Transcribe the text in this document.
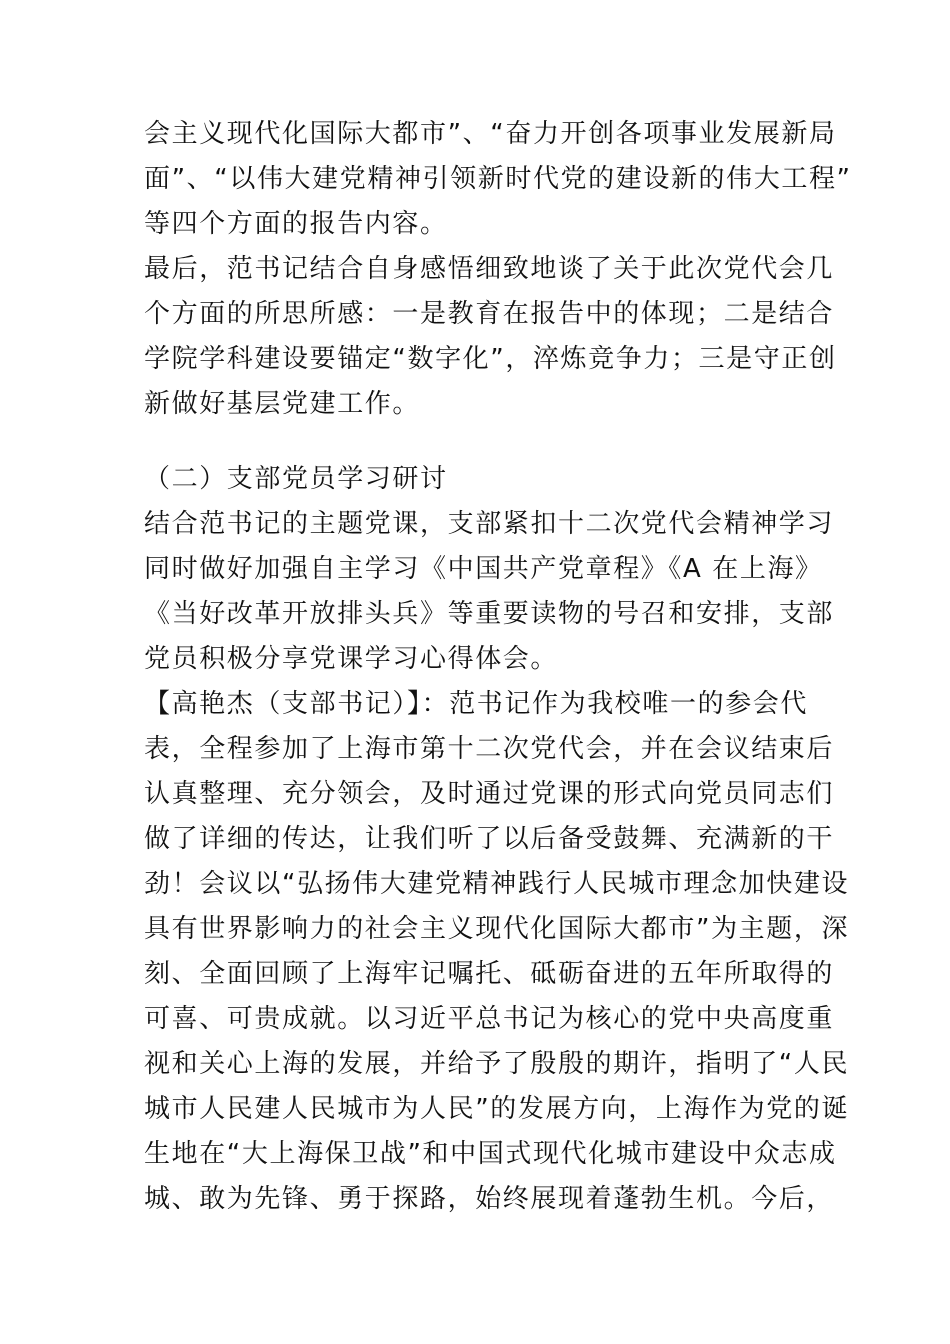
会主义现代化国际大都市”、“奋力开创各项事业发展新局
面”、“以伟大建党精神引领新时代党的建设新的伟大工程”
等四个方面的报告内容。
最后，范书记结合自身感悟细致地谈了关于此次党代会几
个方面的所思所感：一是教育在报告中的体现；二是结合
学院学科建设要锚定“数字化”，淬炼竞争力；三是守正创
新做好基层党建工作。
（二）支部党员学习研讨
结合范书记的主题党课，支部紧扣十二次党代会精神学习
同时做好加强自主学习《中国共产党章程》《A 在上海》
《当好改革开放排头兵》等重要读物的号召和安排，支部
党员积极分享党课学习心得体会。
【高艳杰（支部书记）】：范书记作为我校唯一的参会代
表，全程参加了上海市第十二次党代会，并在会议结束后
认真整理、充分领会，及时通过党课的形式向党员同志们
做了详细的传达，让我们听了以后备受鼓舞、充满新的干
劲！会议以“弘扬伟大建党精神践行人民城市理念加快建设
具有世界影响力的社会主义现代化国际大都市”为主题，深
刻、全面回顾了上海牢记嘱托、砥砺奋进的五年所取得的
可喜、可贵成就。以习近平总书记为核心的党中央高度重
视和关心上海的发展，并给予了殷殷的期许，指明了“人民
城市人民建人民城市为人民”的发展方向，上海作为党的诞
生地在“大上海保卫战”和中国式现代化城市建设中众志成
城、敢为先锋、勇于探路，始终展现着蓬勃生机。今后，
